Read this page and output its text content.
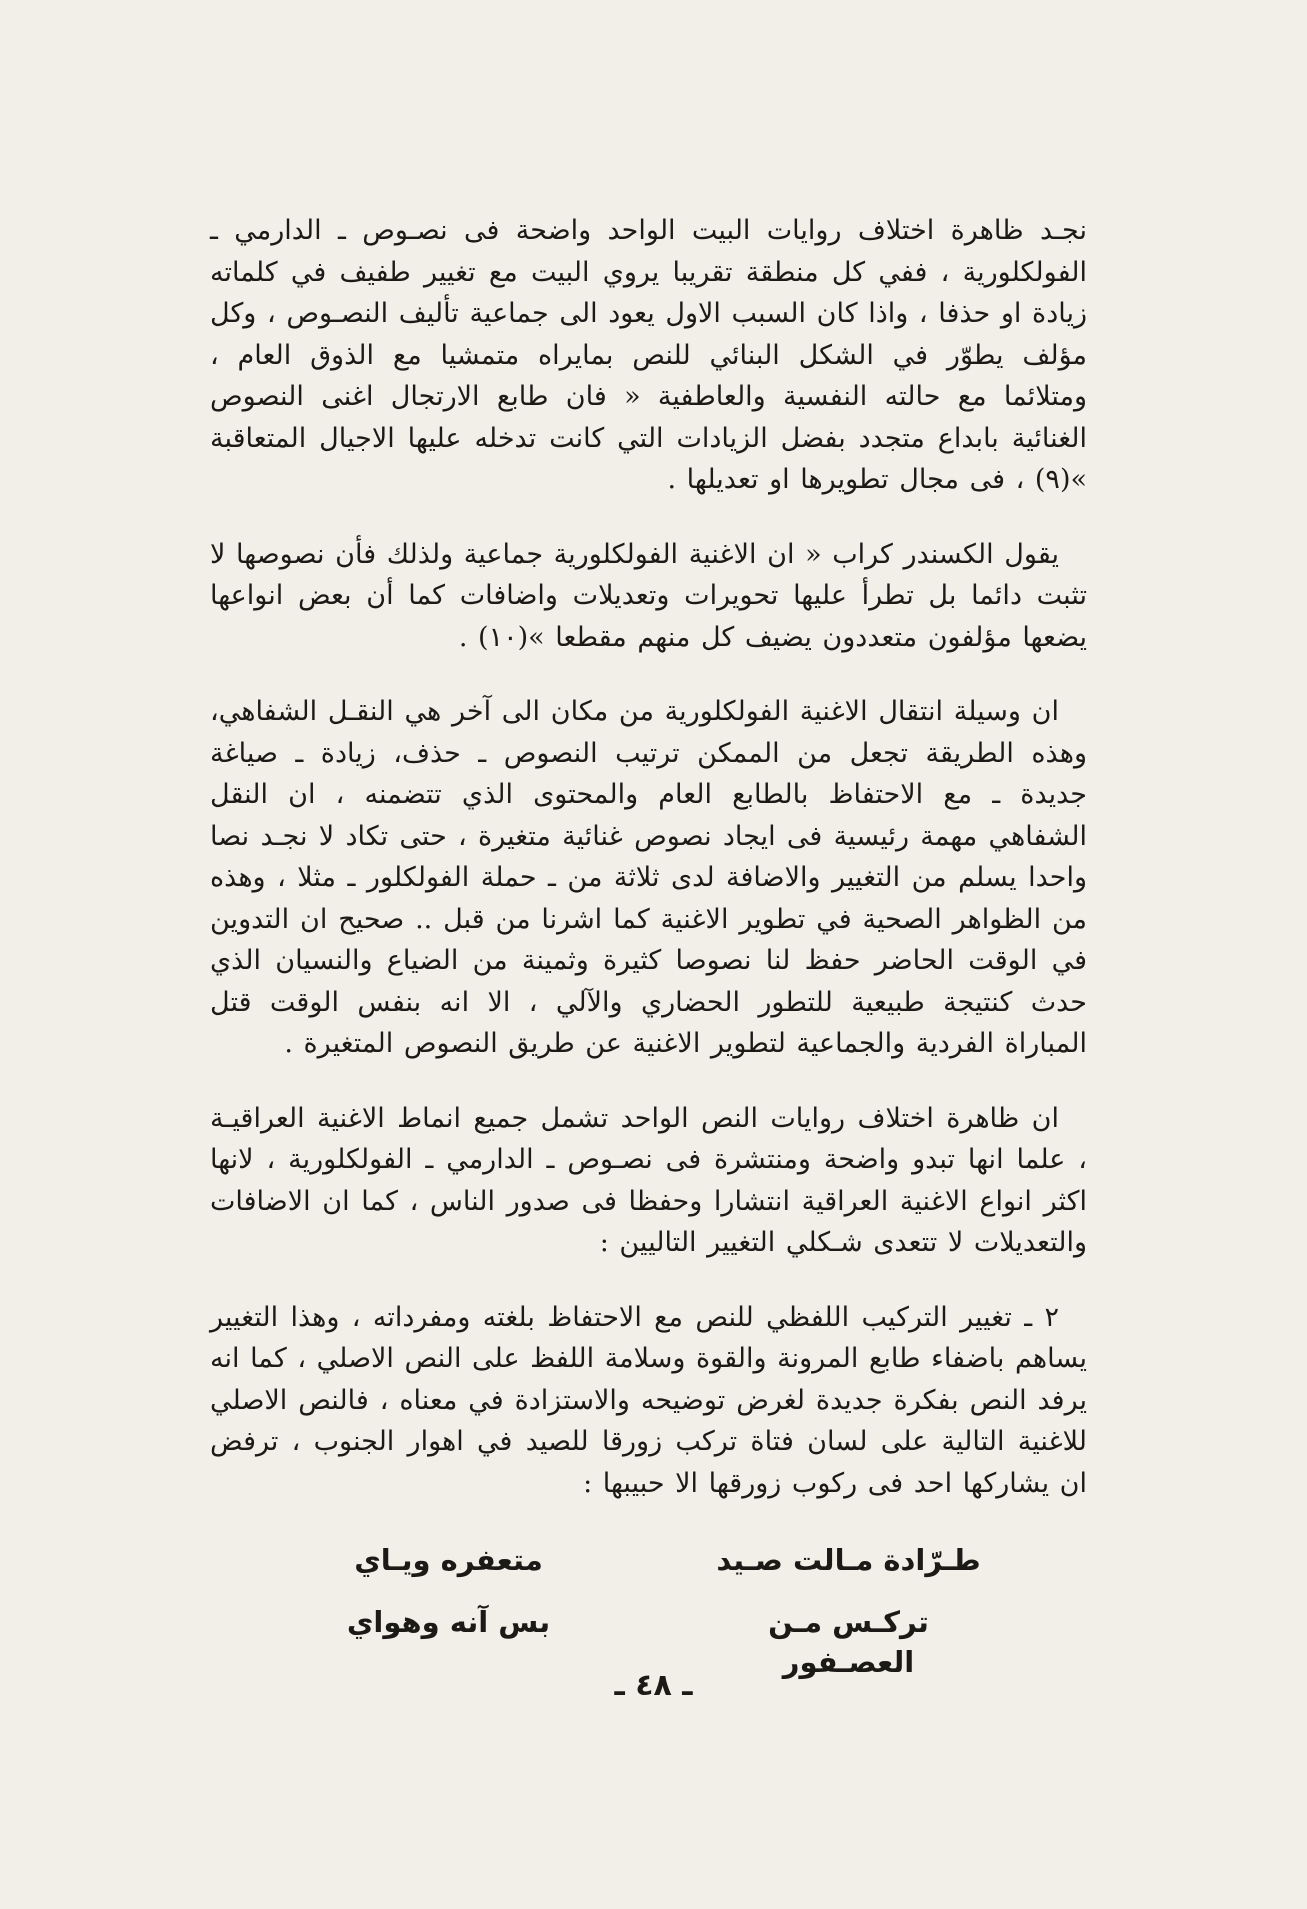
نجـد ظاهرة اختلاف روايات البيت الواحد واضحة فى نصـوص ـ الدارمي ـ الفولكلورية ، ففي كل منطقة تقريبا يروي البيت مع تغيير طفيف في كلماته زيادة او حذفا ، واذا كان السبب الاول يعود الى جماعية تأليف النصـوص ، وكل مؤلف يطوّر في الشكل البنائي للنص بمايراه متمشيا مع الذوق العام ، ومتلائما مع حالته النفسية والعاطفية « فان طابع الارتجال اغنى النصوص الغنائية بابداع متجدد بفضل الزيادات التي كانت تدخله عليها الاجيال المتعاقبة »(٩) ، فى مجال تطويرها او تعديلها .

يقول الكسندر كراب « ان الاغنية الفولكلورية جماعية ولذلك فأن نصوصها لا تثبت دائما بل تطرأ عليها تحويرات وتعديلات واضافات كما أن بعض انواعها يضعها مؤلفون متعددون يضيف كل منهم مقطعا »(١٠) .

ان وسيلة انتقال الاغنية الفولكلورية من مكان الى آخر هي النقـل الشفاهي، وهذه الطريقة تجعل من الممكن ترتيب النصوص ـ حذف، زيادة ـ صياغة جديدة ـ مع الاحتفاظ بالطابع العام والمحتوى الذي تتضمنه ، ان النقل الشفاهي مهمة رئيسية فى ايجاد نصوص غنائية متغيرة ، حتى تكاد لا نجـد نصا واحدا يسلم من التغيير والاضافة لدى ثلاثة من ـ حملة الفولكلور ـ مثلا ، وهذه من الظواهر الصحية في تطوير الاغنية كما اشرنا من قبل .. صحيح ان التدوين في الوقت الحاضر حفظ لنا نصوصا كثيرة وثمينة من الضياع والنسيان الذي حدث كنتيجة طبيعية للتطور الحضاري والآلي ، الا انه بنفس الوقت قتل المباراة الفردية والجماعية لتطوير الاغنية عن طريق النصوص المتغيرة .

ان ظاهرة اختلاف روايات النص الواحد تشمل جميع انماط الاغنية العراقيـة ، علما انها تبدو واضحة ومنتشرة فى نصـوص ـ الدارمي ـ الفولكلورية ، لانها اكثر انواع الاغنية العراقية انتشارا وحفظا فى صدور الناس ، كما ان الاضافات والتعديلات لا تتعدى شـكلي التغيير التاليين :

٢ ـ تغيير التركيب اللفظي للنص مع الاحتفاظ بلغته ومفرداته ، وهذا التغيير يساهم باضفاء طابع المرونة والقوة وسلامة اللفظ على النص الاصلي ، كما انه يرفد النص بفكرة جديدة لغرض توضيحه والاستزادة في معناه ، فالنص الاصلي للاغنية التالية على لسان فتاة تركب زورقا للصيد في اهوار الجنوب ، ترفض ان يشاركها احد فى ركوب زورقها الا حبيبها :

طـرّادة مـالت صـيد
متعفره ويـاي
تركـس مـن العصـفور
بس آنه وهواي
ـ ٤٨ ـ
